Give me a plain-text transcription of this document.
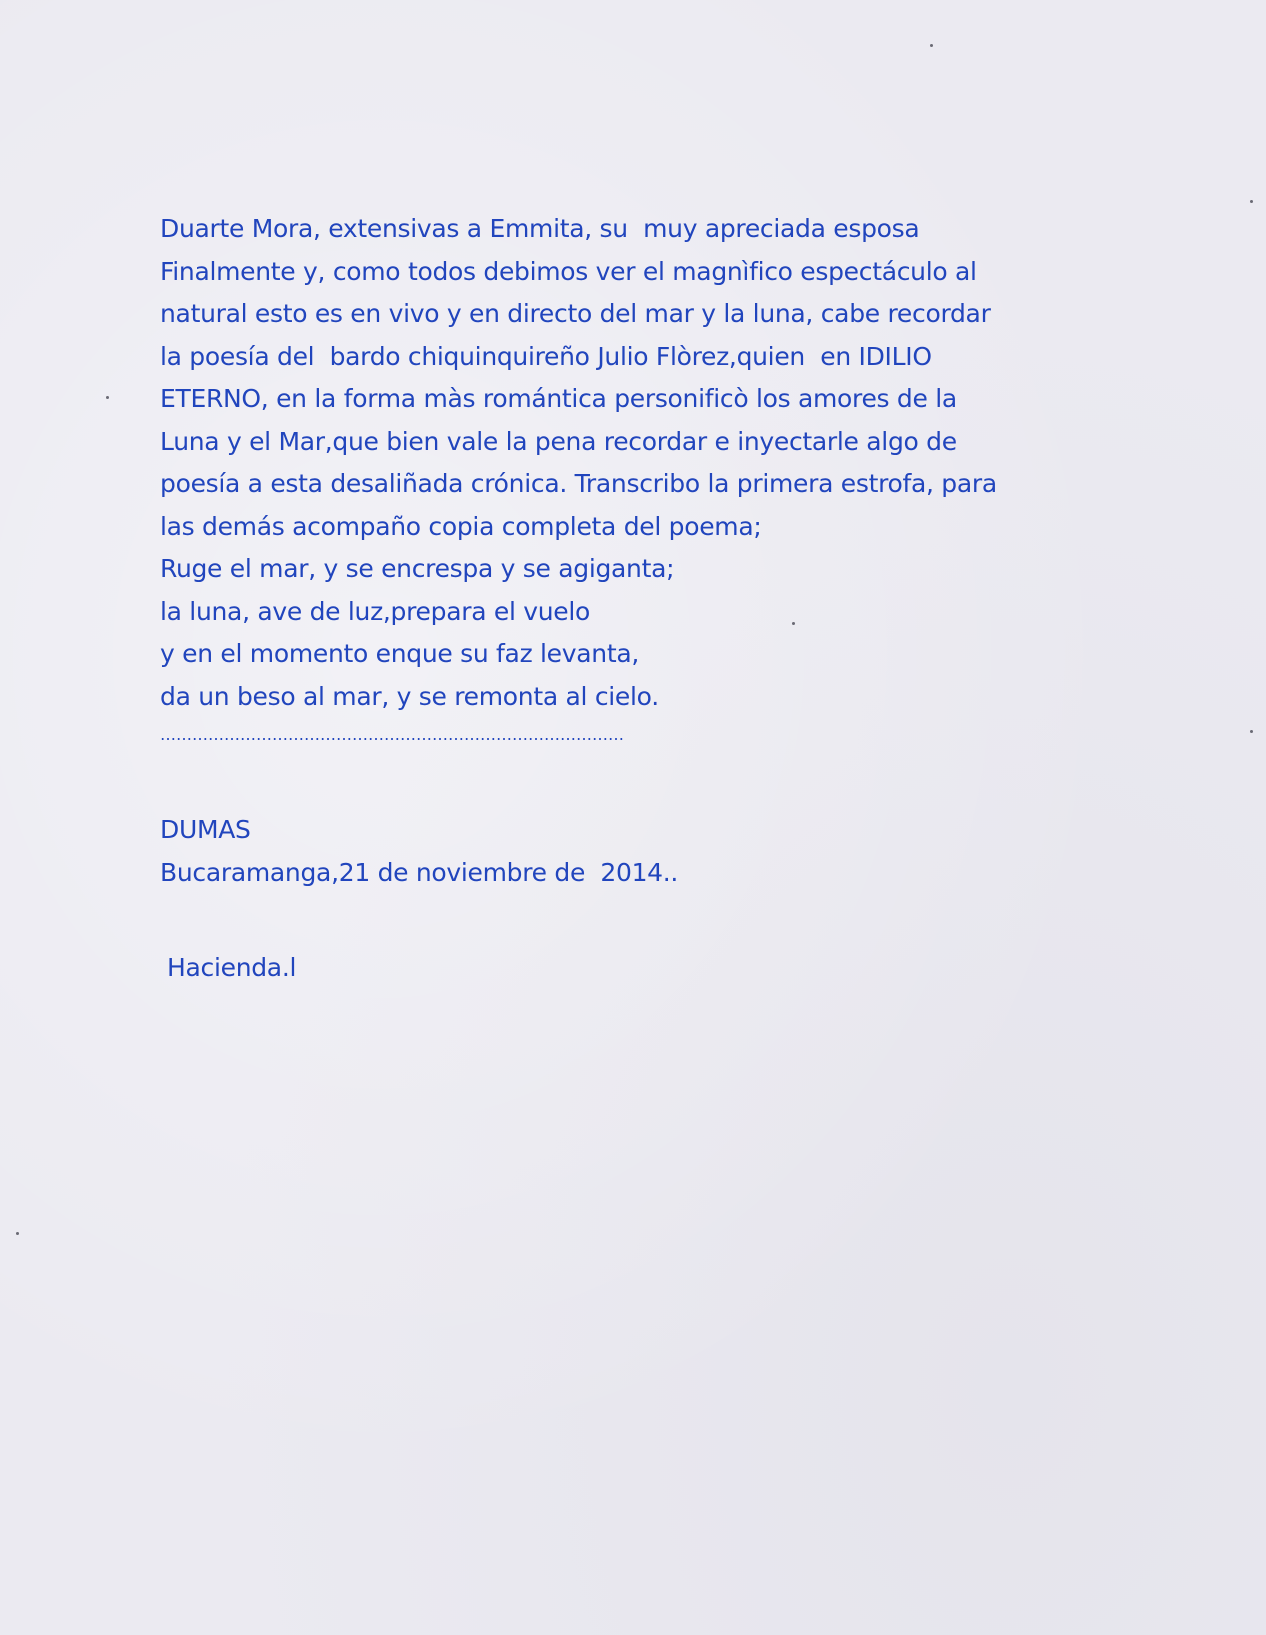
Duarte Mora, extensivas a Emmita, su  muy apreciada esposa
Finalmente y, como todos debimos ver el magnìfico espectáculo al
natural esto es en vivo y en directo del mar y la luna, cabe recordar
la poesía del  bardo chiquinquireño Julio Flòrez,quien  en IDILIO
ETERNO, en la forma màs romántica personificò los amores de la
Luna y el Mar,que bien vale la pena recordar e inyectarle algo de
poesía a esta desaliñada crónica. Transcribo la primera estrofa, para
las demás acompaño copia completa del poema;
Ruge el mar, y se encrespa y se agiganta;
la luna, ave de luz,prepara el vuelo
y en el momento enque su faz levanta,
da un beso al mar, y se remonta al cielo.
……………………………………………………………………………
DUMAS
Bucaramanga,21 de noviembre de  2014..
Hacienda.l
